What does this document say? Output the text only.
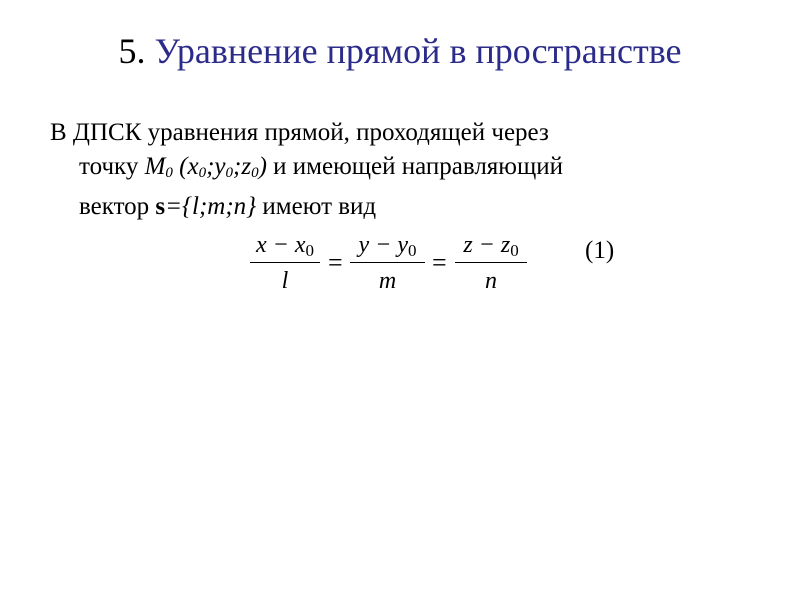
5. Уравнение прямой в пространстве
В ДПСК уравнения прямой, проходящей через
точку $M_0$ $(x_0;y_0;z_0)$ и имеющей направляющий
вектор s={l;m;n} имеют вид
x − x0
l
=
y − y0
m
=
z − z0
n
(1)
